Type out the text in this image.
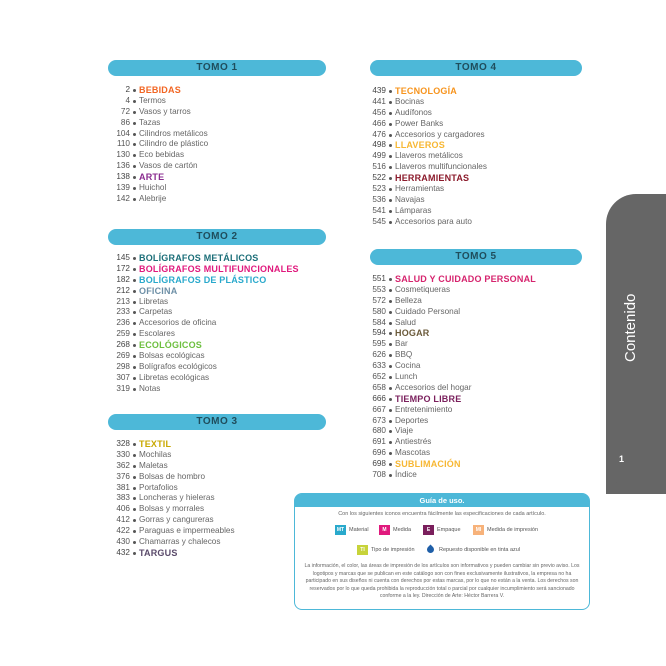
TOMO 1
2 BEBIDAS
4 Termos
72 Vasos y tarros
86 Tazas
104 Cilindros metálicos
110 Cilindro de plástico
130 Eco bebidas
136 Vasos de cartón
138 ARTE
139 Huichol
142 Alebrije
TOMO 2
145 BOLÍGRAFOS METÁLICOS
172 BOLÍGRAFOS MULTIFUNCIONALES
182 BOLÍGRAFOS DE PLÁSTICO
212 OFICINA
213 Libretas
233 Carpetas
236 Accesorios de oficina
259 Escolares
268 ECOLÓGICOS
269 Bolsas ecológicas
298 Bolígrafos ecológicos
307 Libretas ecológicas
319 Notas
TOMO 3
328 TEXTIL
330 Mochilas
362 Maletas
376 Bolsas de hombro
381 Portafolios
383 Loncheras y hieleras
406 Bolsas y morrales
412 Gorras y cangureras
422 Paraguas e impermeables
430 Chamarras y chalecos
432 TARGUS
TOMO 4
439 TECNOLOGÍA
441 Bocinas
456 Audífonos
466 Power Banks
476 Accesorios y cargadores
498 LLAVEROS
499 Llaveros metálicos
516 Llaveros multifuncionales
522 HERRAMIENTAS
523 Herramientas
536 Navajas
541 Lámparas
545 Accesorios para auto
TOMO 5
551 SALUD Y CUIDADO PERSONAL
553 Cosmetiqueras
572 Belleza
580 Cuidado Personal
584 Salud
594 HOGAR
595 Bar
626 BBQ
633 Cocina
652 Lunch
658 Accesorios del hogar
666 TIEMPO LIBRE
667 Entretenimiento
673 Deportes
680 Viaje
691 Antiestrés
696 Mascotas
698 SUBLIMACIÓN
708 Índice
Contenido
1
Guía de uso.
Con los siguientes iconos encuentra fácilmente las especificaciones de cada artículo.
MT Material	M Medida	E Empaque	MI Medida de impresión
TI Tipo de impresión	Repuesto disponible en tinta azul
La información, el color, las áreas de impresión de los artículos son informativos y pueden cambiar sin previo aviso. Los logotipos y marcas que se publican en este catálogo son con fines exclusivamente ilustrativos, la empresa no ha participado en sus diseños ni cuenta con derechos por estas marcas, por lo que no están a la venta. Los derechos son reservados por lo que queda prohibida la reproducción total o parcial por cualquier incumplimiento será sancionado conforme a la ley. Dirección de Arte: Héctor Barrera V.
